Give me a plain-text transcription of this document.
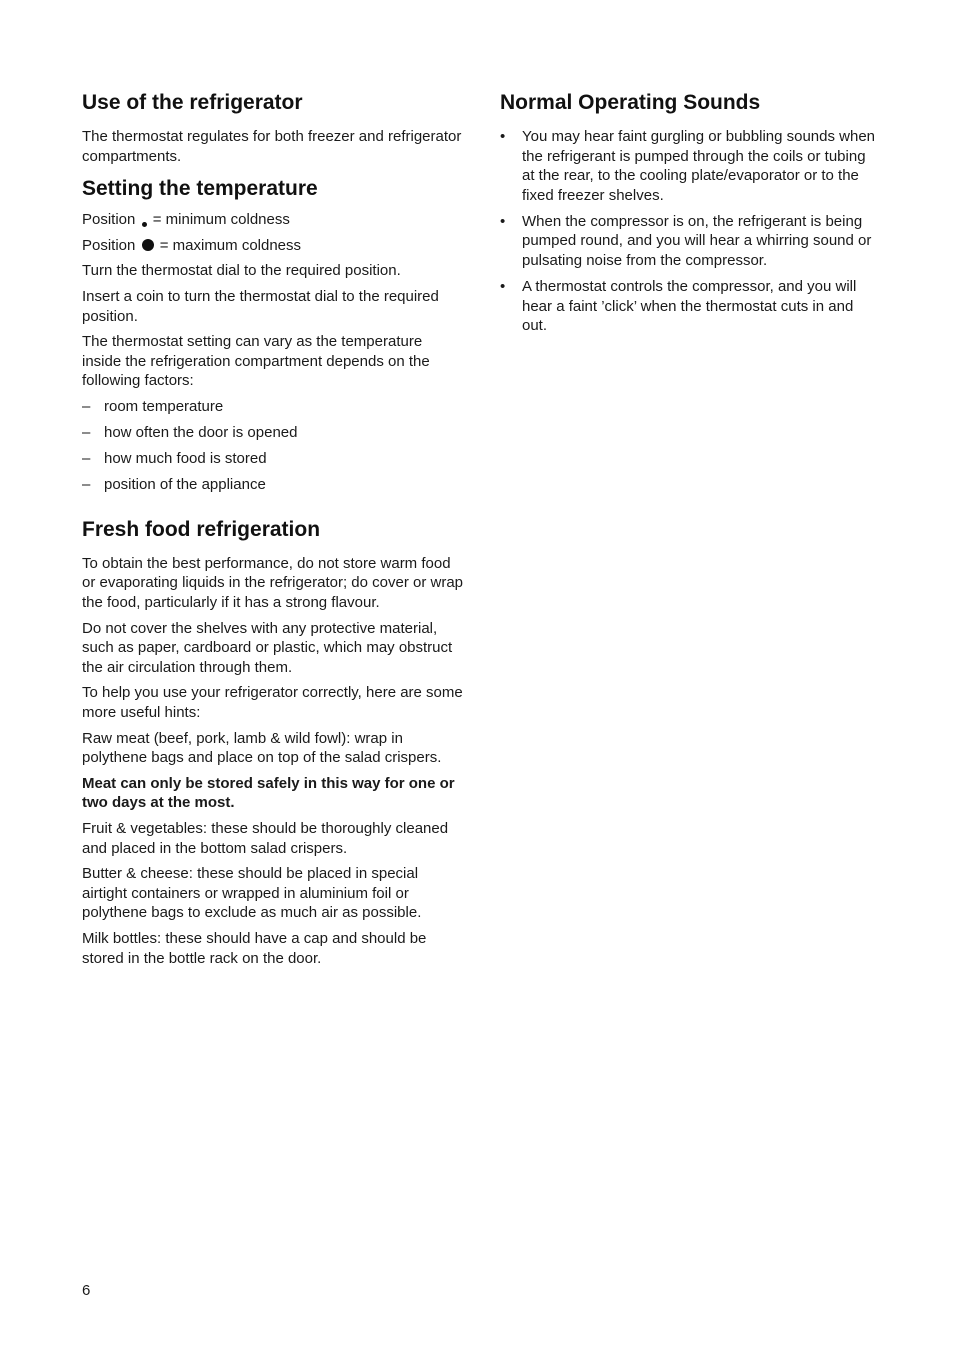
Use of the refrigerator

The thermostat regulates for both freezer and refrigerator compartments.

Setting the temperature

Position = minimum coldness

Position = maximum coldness

Turn the thermostat dial to the required position.

Insert a coin to turn the thermostat dial to the required position.

The thermostat setting can vary as the temperature inside the refrigeration compartment depends on the following factors:

– room temperature
– how often the door is opened
– how much food is stored
– position of the appliance
Fresh food refrigeration

To obtain the best performance, do not store warm food or evaporating liquids in the refrigerator; do cover or wrap the food, particularly if it has a strong flavour.

Do not cover the shelves with any protective material, such as paper, cardboard or plastic, which may obstruct the air circulation through them.

To help you use your refrigerator correctly, here are some more useful hints:

Raw meat (beef, pork, lamb & wild fowl): wrap in polythene bags and place on top of the salad crispers.

Meat can only be stored safely in this way for one or two days at the most.

Fruit & vegetables: these should be thoroughly cleaned and placed in the bottom salad crispers.

Butter & cheese: these should be placed in special airtight containers or wrapped in aluminium foil or polythene bags to exclude as much air as possible.

Milk bottles: these should have a cap and should be stored in the bottle rack on the door.

Normal Operating Sounds
• You may hear faint gurgling or bubbling sounds when the refrigerant is pumped through the coils or tubing at the rear, to the cooling plate/evaporator or to the fixed freezer shelves.
• When the compressor is on, the refrigerant is being pumped round, and you will hear a whirring sound or pulsating noise from the compressor.
• A thermostat controls the compressor, and you will hear a faint ’click’ when the thermostat cuts in and out.
6
